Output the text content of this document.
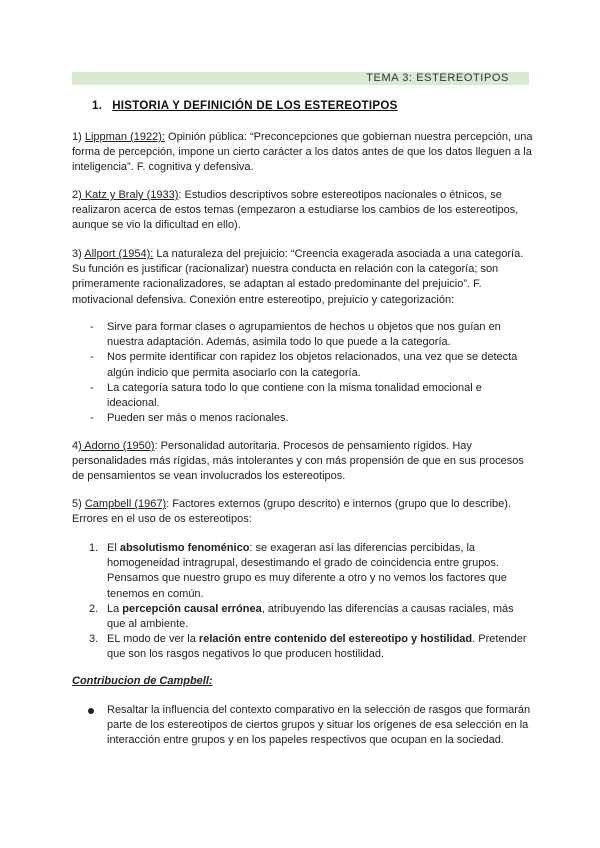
TEMA 3: ESTEREOTIPOS
1. HISTORIA Y DEFINICIÓN DE LOS ESTEREOTIPOS
1) Lippman (1922): Opinión pública: “Preconcepciones que gobiernan nuestra percepción, una forma de percepción, impone un cierto carácter a los datos antes de que los datos lleguen a la inteligencia”. F. cognitiva y defensiva.
2) Katz y Braly (1933): Estudios descriptivos sobre estereotipos nacionales o étnicos, se realizaron acerca de estos temas (empezaron a estudiarse los cambios de los estereotipos, aunque se vio la dificultad en ello).
3) Allport (1954): La naturaleza del prejuicio: “Creencia exagerada asociada a una categoría. Su función es justificar (racionalizar) nuestra conducta en relación con la categoría; son primeramente racionalizadores, se adaptan al estado predominante del prejuicio”. F. motivacional defensiva. Conexión entre estereotipo, prejuicio y categorización:
- Sirve para formar clases o agrupamientos de hechos u objetos que nos guían en nuestra adaptación. Además, asimila todo lo que puede a la categoría.
- Nos permite identificar con rapidez los objetos relacionados, una vez que se detecta algún indicio que permita asociarlo con la categoría.
- La categoría satura todo lo que contiene con la misma tonalidad emocional e ideacional.
- Pueden ser más o menos racionales.
4) Adorno (1950): Personalidad autoritaria. Procesos de pensamiento rígidos. Hay personalidades más rígidas, más intolerantes y con más propensión de que en sus procesos de pensamientos se vean involucrados los estereotipos.
5) Campbell (1967): Factores externos (grupo descrito) e internos (grupo que lo describe). Errores en el uso de os estereotipos:
1. El absolutismo fenoménico: se exageran así las diferencias percibidas, la homogeneidad intragrupal, desestimando el grado de coincidencia entre grupos. Pensamos que nuestro grupo es muy diferente a otro y no vemos los factores que tenemos en común.
2. La percepción causal errónea, atribuyendo las diferencias a causas raciales, más que al ambiente.
3. EL modo de ver la relación entre contenido del estereotipo y hostilidad. Pretender que son los rasgos negativos lo que producen hostilidad.
Contribucion de Campbell:
Resaltar la influencia del contexto comparativo en la selección de rasgos que formarán parte de los estereotipos de ciertos grupos y situar los orígenes de esa selección en la interacción entre grupos y en los papeles respectivos que ocupan en la sociedad.
